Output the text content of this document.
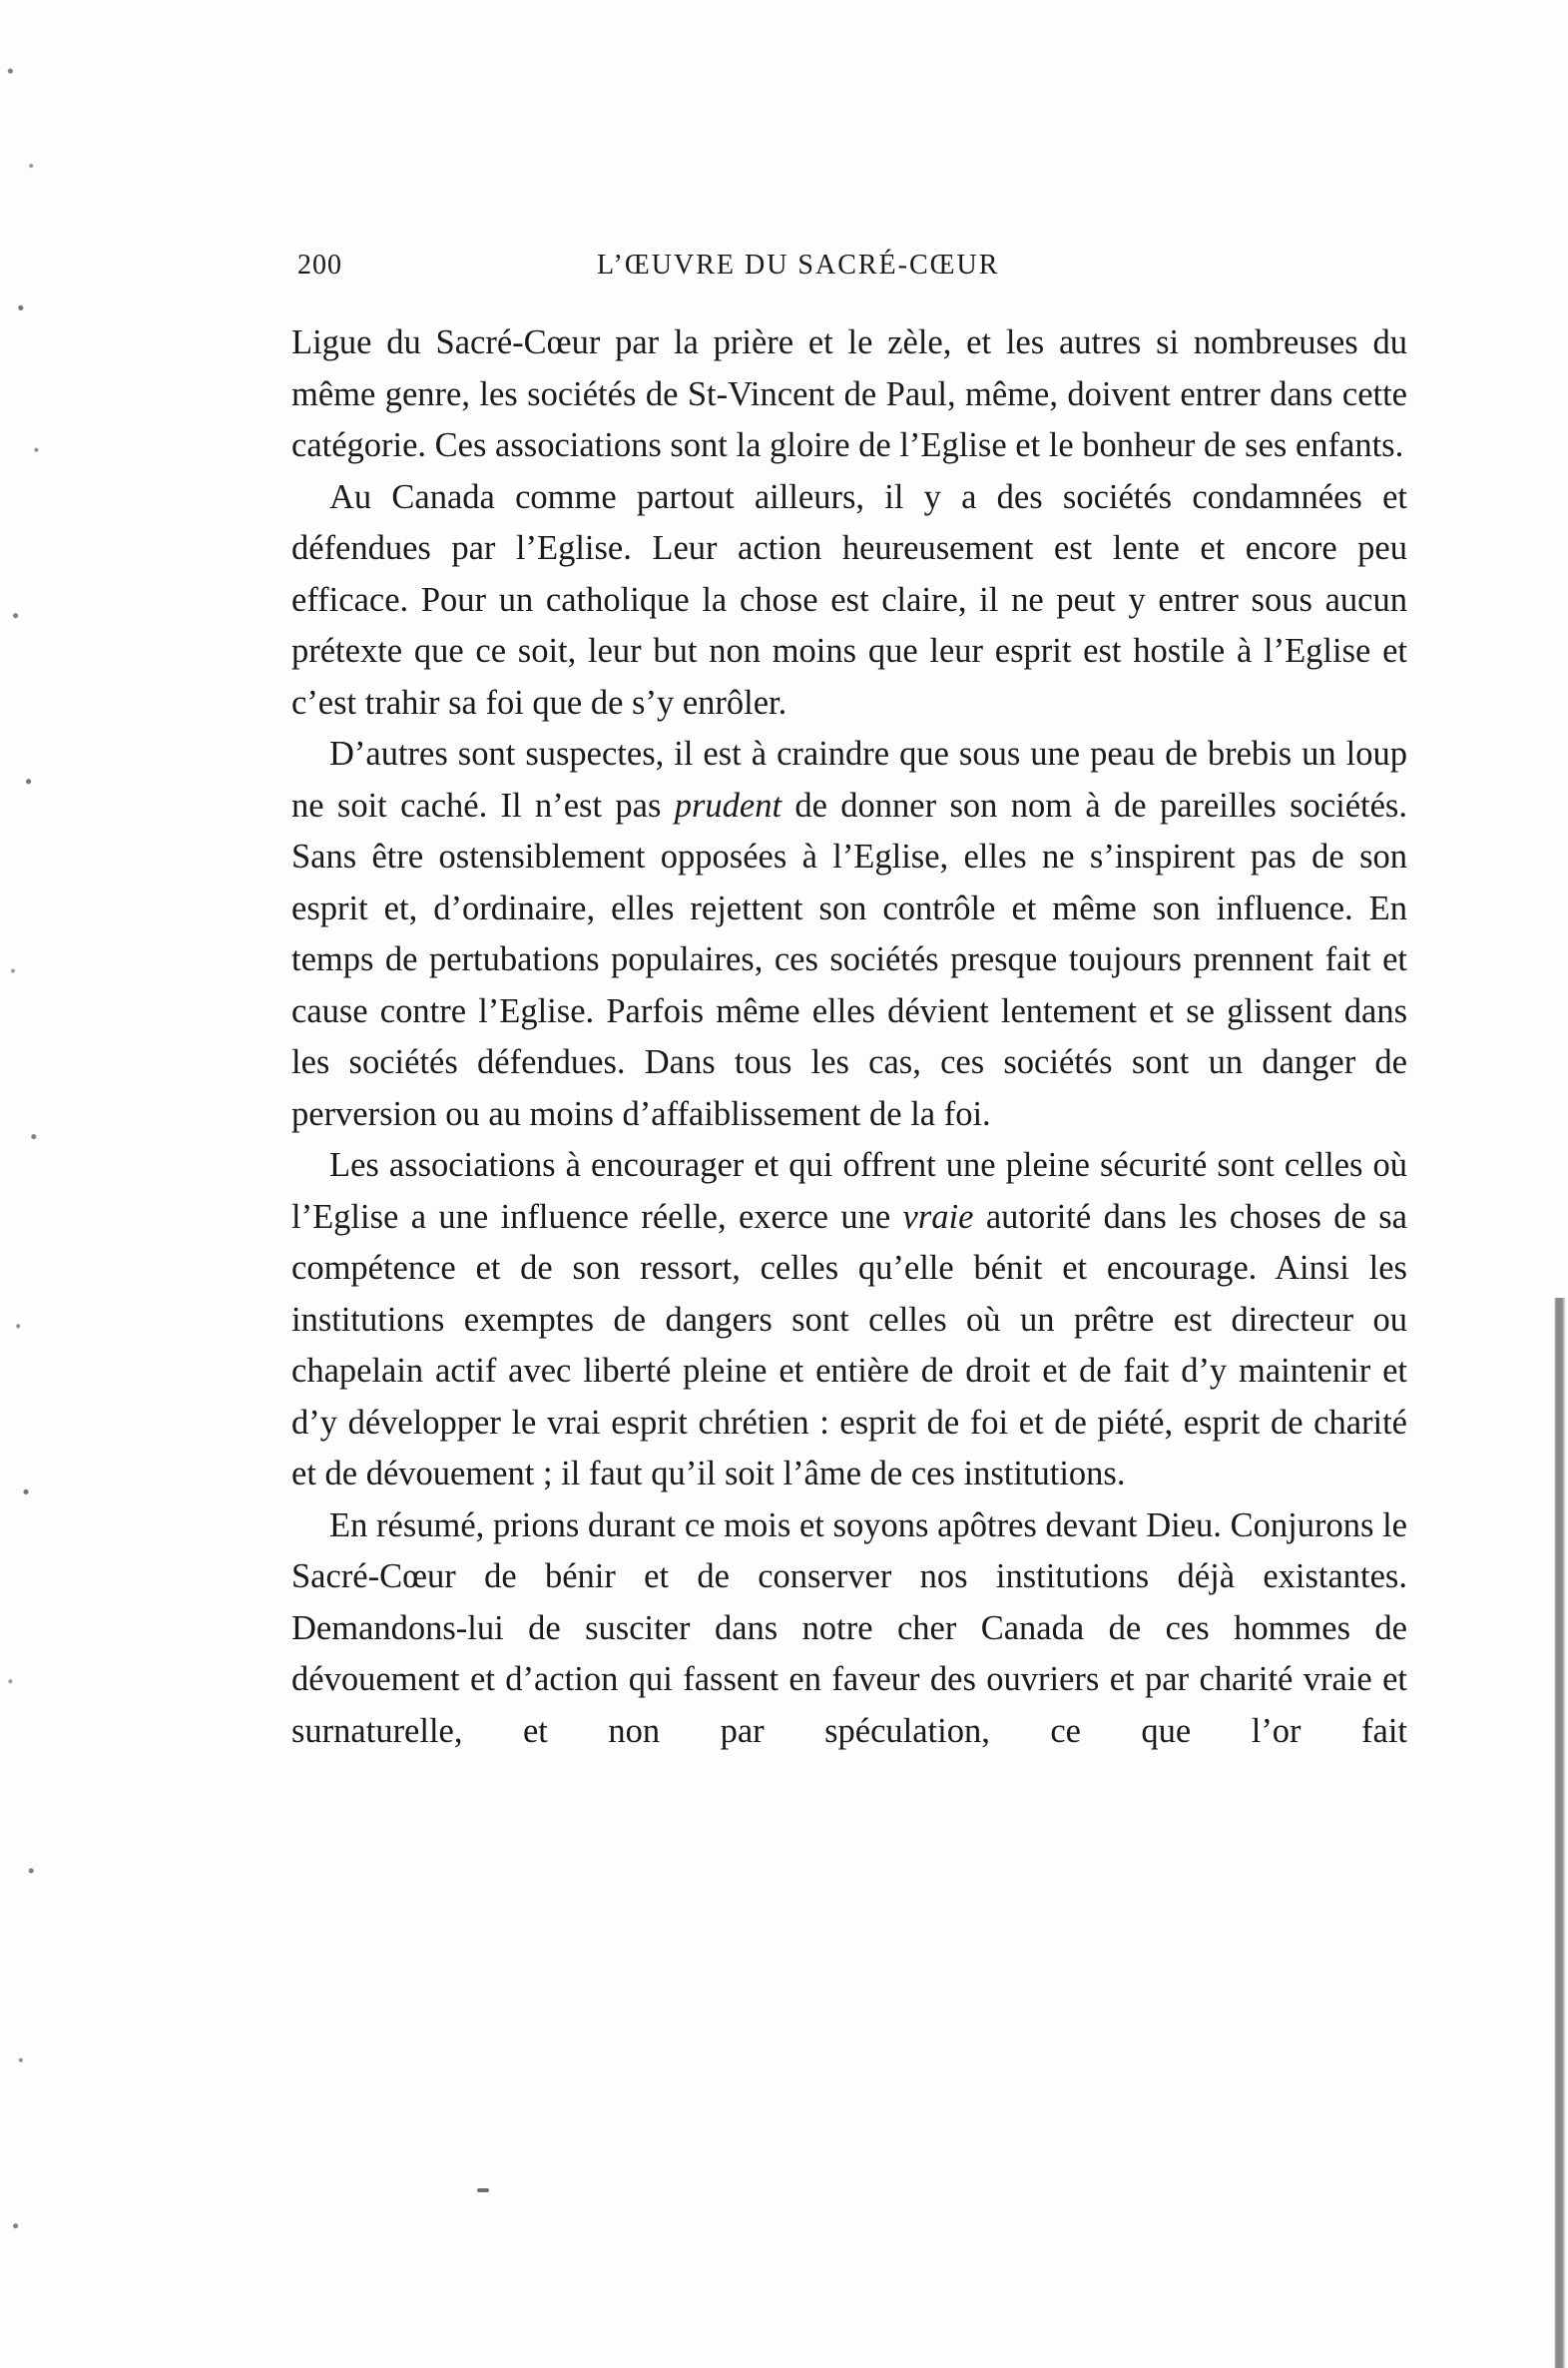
200	L’ŒUVRE DU SACRÉ-CŒUR

Ligue du Sacré-Cœur par la prière et le zèle, et les autres si nombreuses du même genre, les sociétés de St-Vincent de Paul, même, doivent entrer dans cette catégorie. Ces associations sont la gloire de l’Eglise et le bonheur de ses enfants.

Au Canada comme partout ailleurs, il y a des sociétés condamnées et défendues par l’Eglise. Leur action heureusement est lente et encore peu efficace. Pour un catholique la chose est claire, il ne peut y entrer sous aucun prétexte que ce soit, leur but non moins que leur esprit est hostile à l’Eglise et c’est trahir sa foi que de s’y enrôler.

D’autres sont suspectes, il est à craindre que sous une peau de brebis un loup ne soit caché. Il n’est pas prudent de donner son nom à de pareilles sociétés. Sans être ostensiblement opposées à l’Eglise, elles ne s’inspirent pas de son esprit et, d’ordinaire, elles rejettent son contrôle et même son influence. En temps de pertubations populaires, ces sociétés presque toujours prennent fait et cause contre l’Eglise. Parfois même elles dévient lentement et se glissent dans les sociétés défendues. Dans tous les cas, ces sociétés sont un danger de perversion ou au moins d’affaiblissement de la foi.

Les associations à encourager et qui offrent une pleine sécurité sont celles où l’Eglise a une influence réelle, exerce une vraie autorité dans les choses de sa compétence et de son ressort, celles qu’elle bénit et encourage. Ainsi les institutions exemptes de dangers sont celles où un prêtre est directeur ou chapelain actif avec liberté pleine et entière de droit et de fait d’y maintenir et d’y développer le vrai esprit chrétien : esprit de foi et de piété, esprit de charité et de dévouement ; il faut qu’il soit l’âme de ces institutions.

En résumé, prions durant ce mois et soyons apôtres devant Dieu. Conjurons le Sacré-Cœur de bénir et de conserver nos institutions déjà existantes. Demandons-lui de susciter dans notre cher Canada de ces hommes de dévouement et d’action qui fassent en faveur des ouvriers et par charité vraie et surnaturelle, et non par spéculation, ce que l’or fait
